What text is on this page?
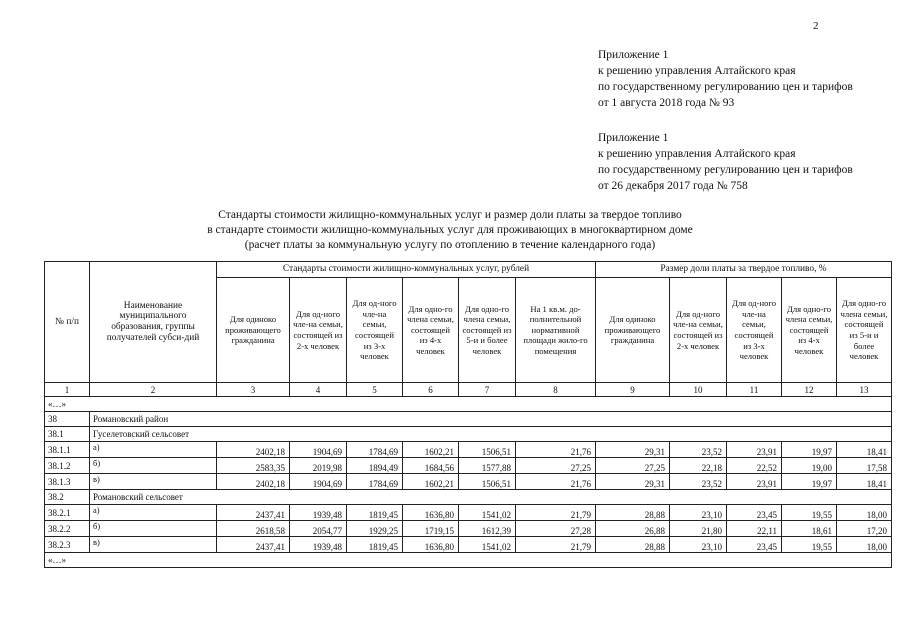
2
Приложение 1
к решению управления Алтайского края
по государственному регулированию цен и тарифов
от 1 августа 2018 года № 93
Приложение 1
к решению управления Алтайского края
по государственному регулированию цен и тарифов
от 26 декабря 2017 года № 758
Стандарты стоимости жилищно-коммунальных услуг и размер доли платы за твердое топливо
в стандарте стоимости жилищно-коммунальных услуг для проживающих в многоквартирном доме
(расчет платы за коммунальную услугу по отоплению в течение календарного года)
№ п/п	Наименование муниципального образования, группы получателей субси-дий	Стандарты стоимости жилищно-коммунальных услуг, рублей						Размер доли платы за твердое топливо, %				
		Для одиноко проживающего гражданина	Для од-ного чле-на семьи, состоящей из 2-х человек	Для од-ного чле-на семьи, состоящей из 3-х человек	Для одно-го члена семьи, состоящей из 4-х человек	Для одно-го члена семьи, состоящей из 5-и и более человек	На 1 кв.м. до-полнительной нормативной площади жило-го помещения	Для одиноко проживающего гражданина	Для од-ного чле-на семьи, состоящей из 2-х человек	Для од-ного чле-на семьи, состоящей из 3-х человек	Для одно-го члена семьи, состоящей из 4-х человек	Для одно-го члена семьи, состоящей из 5-и и более человек
1	2	3	4	5	6	7	8	9	10	11	12	13
«…»												
38	Романовский район											
38.1	Гуселетовский сельсовет											
38.1.1	а)	2402,18	1904,69	1784,69	1602,21	1506,51	21,76	29,31	23,52	23,91	19,97	18,41
38.1.2	б)	2583,35	2019,98	1894,49	1684,56	1577,88	27,25	27,25	22,18	22,52	19,00	17,58
38.1.3	в)	2402,18	1904,69	1784,69	1602,21	1506,51	21,76	29,31	23,52	23,91	19,97	18,41
38.2	Романовский сельсовет											
38.2.1	а)	2437,41	1939,48	1819,45	1636,80	1541,02	21,79	28,88	23,10	23,45	19,55	18,00
38.2.2	б)	2618,58	2054,77	1929,25	1719,15	1612,39	27,28	26,88	21,80	22,11	18,61	17,20
38.2.3	в)	2437,41	1939,48	1819,45	1636,80	1541,02	21,79	28,88	23,10	23,45	19,55	18,00
«…»												
